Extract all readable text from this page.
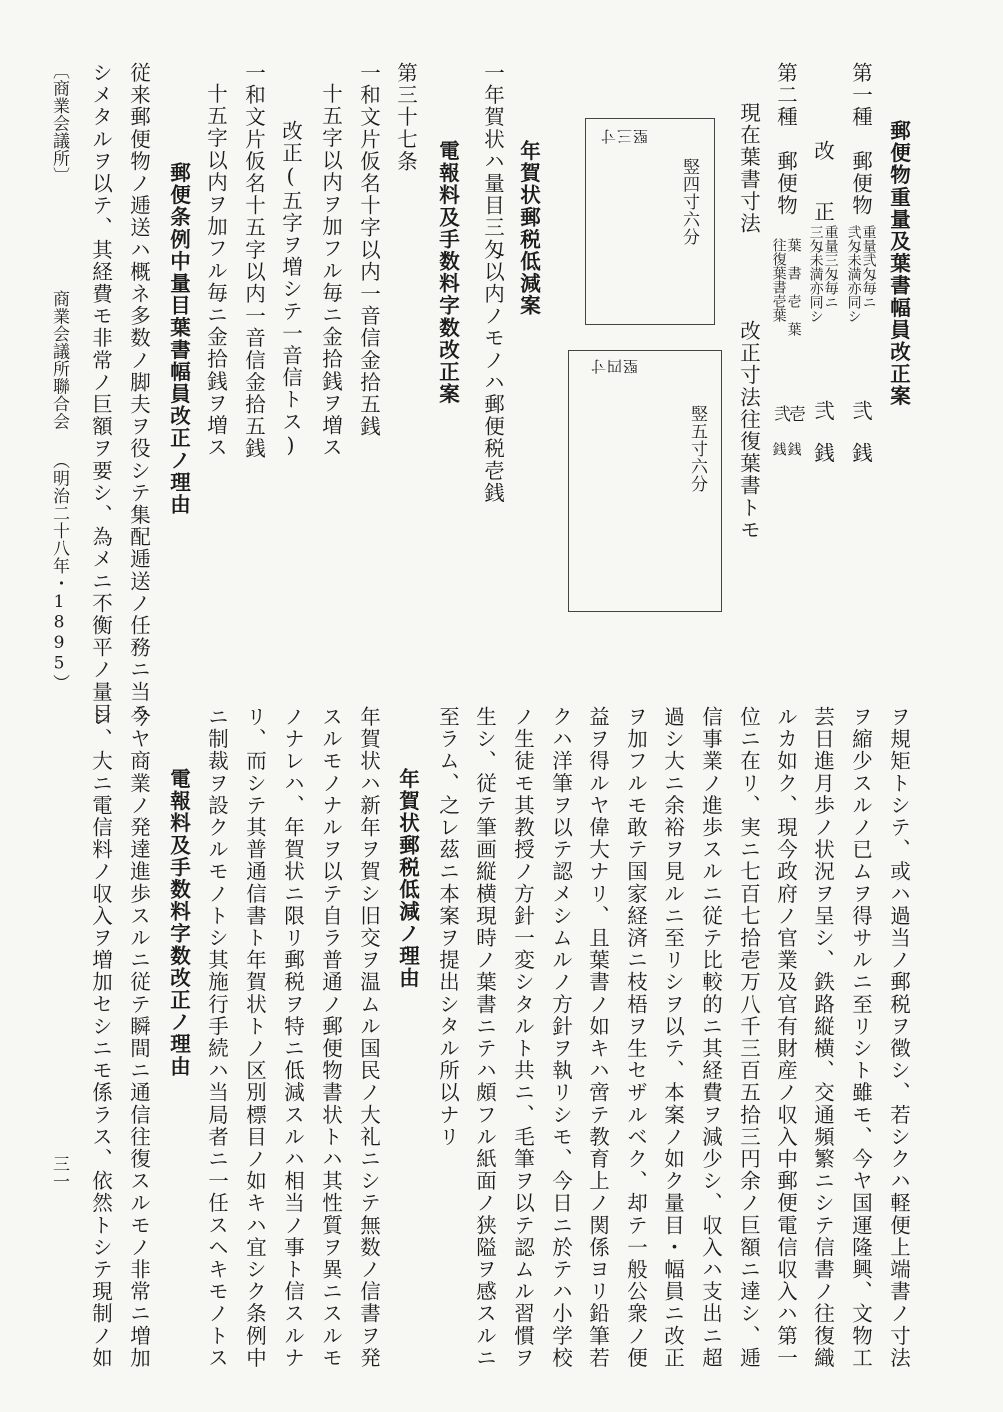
郵便物重量及葉書幅員改正案
第一種　郵便物
重量弐匁毎ニ
弐匁未満亦同シ
弐
銭
改　正
重量三匁毎ニ
三匁未満亦同シ
弐
銭
第二種　郵便物
葉　書　壱　葉
往復葉書壱葉
壱
弐
銭
銭
現在葉書寸法
改正寸法往復葉書トモ
堅三寸
竪四寸六分
堅四寸
竪五寸六分
年賀状郵税低減案
一年賀状ハ量目三匁以内ノモノハ郵便税壱銭
電報料及手数料字数改正案
第三十七条
一和文片仮名十字以内一音信金拾五銭
十五字以内ヲ加フル毎ニ金拾銭ヲ増ス
改正(五字ヲ増シテ一音信トス)
一和文片仮名十五字以内一音信金拾五銭
十五字以内ヲ加フル毎ニ金拾銭ヲ増ス
郵便条例中量目葉書幅員改正ノ理由
従来郵便物ノ逓送ハ概ネ多数ノ脚夫ヲ役シテ集配逓送ノ任務ニ当ラ
シメタルヲ以テ、其経費モ非常ノ巨額ヲ要シ、為メニ不衡平ノ量目
〔商業会議所〕
商業会議所聯合会
（明治二十八年・1895）
ヲ規矩トシテ、或ハ過当ノ郵税ヲ徴シ、若シクハ軽便上端書ノ寸法
ヲ縮少スルノ已ムヲ得サルニ至リシト雖モ、今ヤ国運隆興、文物工
芸日進月歩ノ状況ヲ呈シ、鉄路縦横、交通頻繁ニシテ信書ノ往復織
ルカ如ク、現今政府ノ官業及官有財産ノ収入中郵便電信収入ハ第一
位ニ在リ、実ニ七百七拾壱万八千三百五拾三円余ノ巨額ニ達シ、逓
信事業ノ進歩スルニ従テ比較的ニ其経費ヲ減少シ、収入ハ支出ニ超
過シ大ニ余裕ヲ見ルニ至リシヲ以テ、本案ノ如ク量目・幅員ニ改正
ヲ加フルモ敢テ国家経済ニ枝梧ヲ生セザルベク、却テ一般公衆ノ便
益ヲ得ルヤ偉大ナリ、且葉書ノ如キハ啻テ教育上ノ関係ヨリ鉛筆若
クハ洋筆ヲ以テ認メシムルノ方針ヲ執リシモ、今日ニ於テハ小学校
ノ生徒モ其教授ノ方針一変シタルト共ニ、毛筆ヲ以テ認ムル習慣ヲ
生シ、従テ筆画縦横現時ノ葉書ニテハ頗フル紙面ノ狭隘ヲ感スルニ
至ラム、之レ茲ニ本案ヲ提出シタル所以ナリ
年賀状郵税低減ノ理由
年賀状ハ新年ヲ賀シ旧交ヲ温ムル国民ノ大礼ニシテ無数ノ信書ヲ発
スルモノナルヲ以テ自ラ普通ノ郵便物書状トハ其性質ヲ異ニスルモ
ノナレハ、年賀状ニ限リ郵税ヲ特ニ低減スルハ相当ノ事ト信スルナ
リ、而シテ其普通信書ト年賀状トノ区別標目ノ如キハ宜シク条例中
ニ制裁ヲ設クルモノトシ其施行手続ハ当局者ニ一任スヘキモノトス
電報料及手数料字数改正ノ理由
今ヤ商業ノ発達進歩スルニ従テ瞬間ニ通信往復スルモノ非常ニ増加
シ、大ニ電信料ノ収入ヲ増加セシニモ係ラス、依然トシテ現制ノ如
三一
